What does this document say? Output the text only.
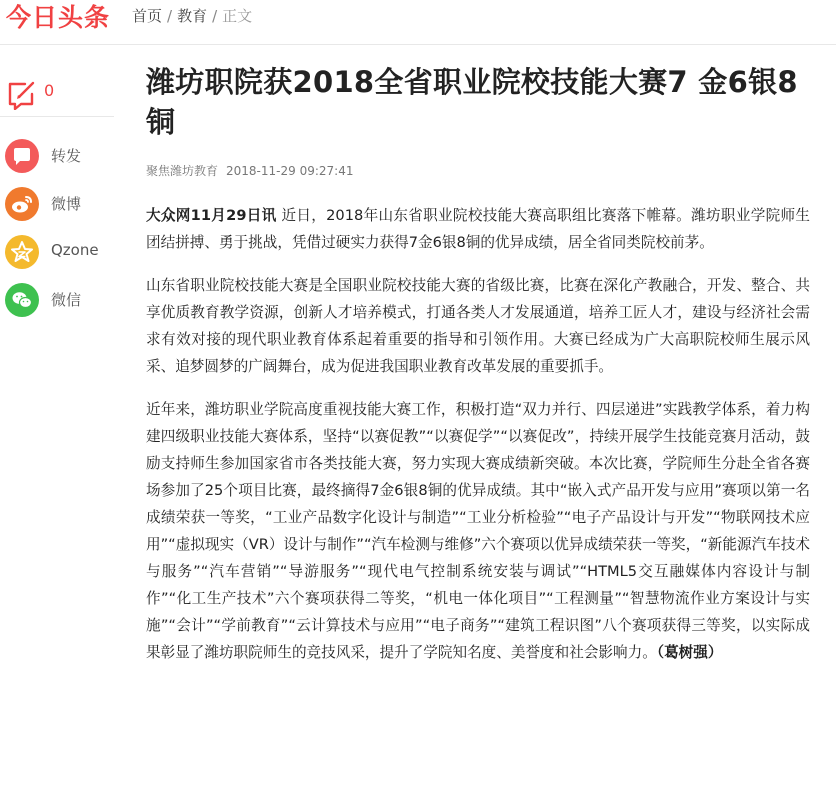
今日头条 首页 / 教育 / 正文
0
转发
微博
Qzone
微信
潍坊职院获2018全省职业院校技能大赛7 金6银8铜
聚焦潍坊教育 2018-11-29 09:27:41

大众网11月29日讯 近日，2018年山东省职业院校技能大赛高职组比赛落下帷幕。潍坊职业学院师生团结拼搏、勇于挑战，凭借过硬实力获得7金6银8铜的优异成绩，居全省同类院校前茅。

山东省职业院校技能大赛是全国职业院校技能大赛的省级比赛，比赛在深化产教融合，开发、整合、共享优质教育教学资源，创新人才培养模式，打通各类人才发展通道，培养工匠人才，建设与经济社会需求有效对接的现代职业教育体系起着重要的指导和引领作用。大赛已经成为广大高职院校师生展示风采、追梦圆梦的广阔舞台，成为促进我国职业教育改革发展的重要抓手。

近年来，潍坊职业学院高度重视技能大赛工作，积极打造“双力并行、四层递进”实践教学体系，着力构建四级职业技能大赛体系，坚持“以赛促教”“以赛促学”“以赛促改”，持续开展学生技能竞赛月活动，鼓励支持师生参加国家省市各类技能大赛，努力实现大赛成绩新突破。本次比赛，学院师生分赴全省各赛场参加了25个项目比赛，最终摘得7金6银8铜的优异成绩。其中“嵌入式产品开发与应用”赛项以第一名成绩荣获一等奖，“工业产品数字化设计与制造”“工业分析检验”“电子产品设计与开发”“物联网技术应用”“虚拟现实（VR）设计与制作”“汽车检测与维修”六个赛项以优异成绩荣获一等奖，“新能源汽车技术与服务”“汽车营销”“导游服务”“现代电气控制系统安装与调试”“HTML5交互融媒体内容设计与制作”“化工生产技术”六个赛项获得二等奖，“机电一体化项目”“工程测量”“智慧物流作业方案设计与实施”“会计”“学前教育”“云计算技术与应用”“电子商务”“建筑工程识图”八个赛项获得三等奖，以实际成果彰显了潍坊职院师生的竞技风采，提升了学院知名度、美誉度和社会影响力。（葛树强）
